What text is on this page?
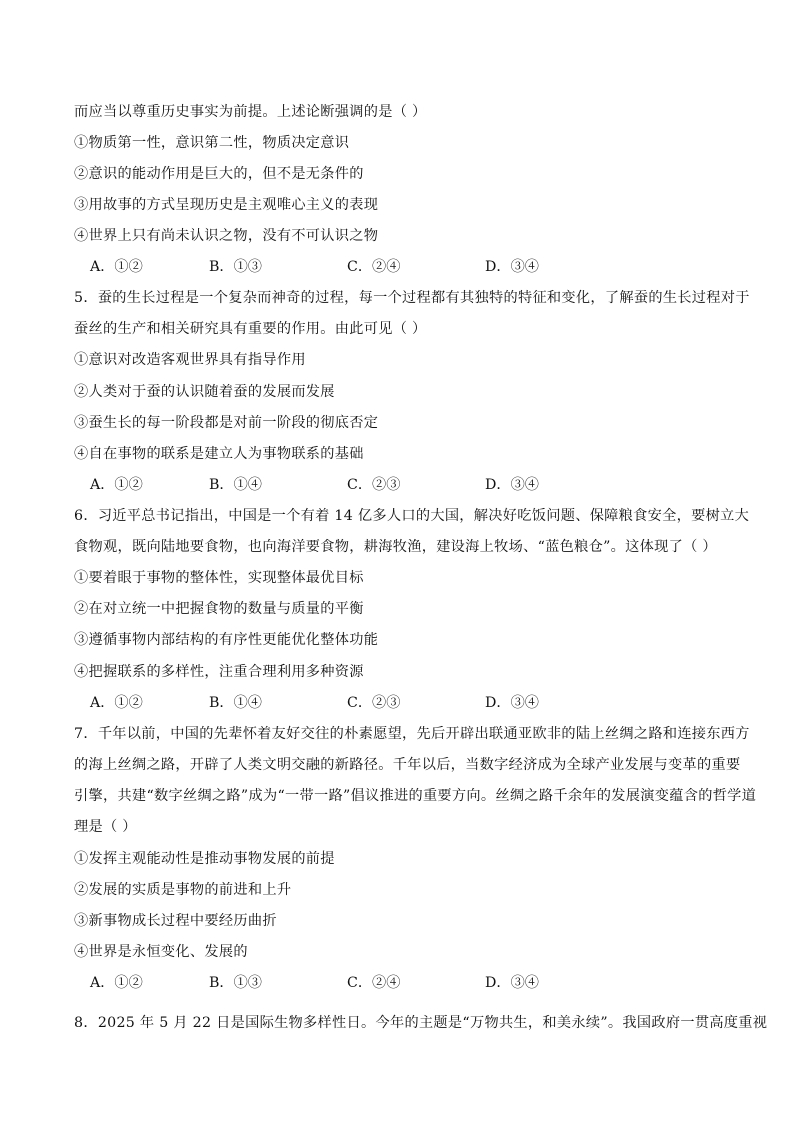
而应当以尊重历史事实为前提。上述论断强调的是（ ）
①物质第一性，意识第二性，物质决定意识
②意识的能动作用是巨大的，但不是无条件的
③用故事的方式呈现历史是主观唯心主义的表现
④世界上只有尚未认识之物，没有不可认识之物
A．①②	B．①③	C．②④	D．③④
5．蚕的生长过程是一个复杂而神奇的过程，每一个过程都有其独特的特征和变化，了解蚕的生长过程对于
蚕丝的生产和相关研究具有重要的作用。由此可见（ ）
①意识对改造客观世界具有指导作用
②人类对于蚕的认识随着蚕的发展而发展
③蚕生长的每一阶段都是对前一阶段的彻底否定
④自在事物的联系是建立人为事物联系的基础
A．①②	B．①④	C．②③	D．③④
6．习近平总书记指出，中国是一个有着 14 亿多人口的大国，解决好吃饭问题、保障粮食安全，要树立大
食物观，既向陆地要食物，也向海洋要食物，耕海牧渔，建设海上牧场、“蓝色粮仓”。这体现了（ ）
①要着眼于事物的整体性，实现整体最优目标
②在对立统一中把握食物的数量与质量的平衡
③遵循事物内部结构的有序性更能优化整体功能
④把握联系的多样性，注重合理利用多种资源
A．①②	B．①④	C．②③	D．③④
7．千年以前，中国的先辈怀着友好交往的朴素愿望，先后开辟出联通亚欧非的陆上丝绸之路和连接东西方
的海上丝绸之路，开辟了人类文明交融的新路径。千年以后，当数字经济成为全球产业发展与变革的重要
引擎，共建“数字丝绸之路”成为“一带一路”倡议推进的重要方向。丝绸之路千余年的发展演变蕴含的哲学道
理是（ ）
①发挥主观能动性是推动事物发展的前提
②发展的实质是事物的前进和上升
③新事物成长过程中要经历曲折
④世界是永恒变化、发展的
A．①②	B．①③	C．②④	D．③④
8．2025 年 5 月 22 日是国际生物多样性日。今年的主题是“万物共生，和美永续”。我国政府一贯高度重视
